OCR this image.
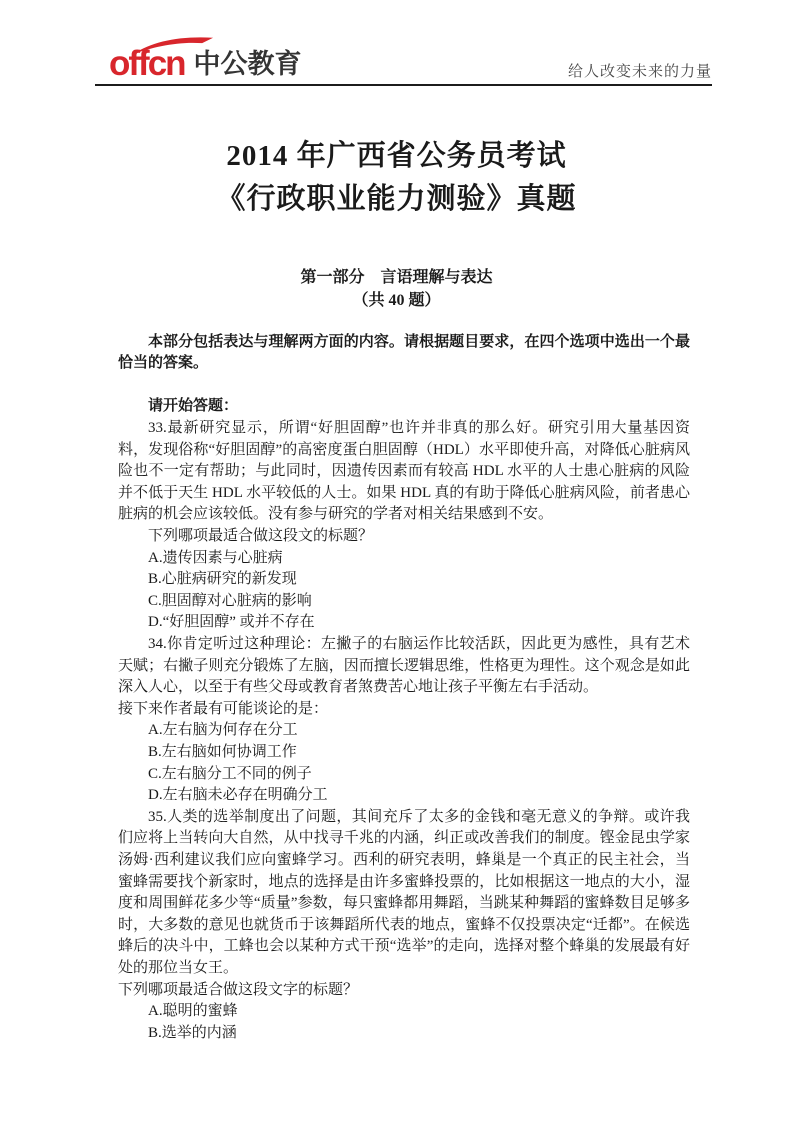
offcn 中公教育	给人改变未来的力量
2014 年广西省公务员考试
《行政职业能力测验》真题
第一部分　言语理解与表达
（共 40 题）

本部分包括表达与理解两方面的内容。请根据题目要求，在四个选项中选出一个最恰当的答案。

请开始答题：

33.最新研究显示，所谓“好胆固醇”也许并非真的那么好。研究引用大量基因资料，发现俗称“好胆固醇”的高密度蛋白胆固醇（HDL）水平即使升高，对降低心脏病风险也不一定有帮助；与此同时，因遗传因素而有较高 HDL 水平的人士患心脏病的风险并不低于天生 HDL 水平较低的人士。如果 HDL 真的有助于降低心脏病风险，前者患心脏病的机会应该较低。没有参与研究的学者对相关结果感到不安。

下列哪项最适合做这段文的标题？

A.遗传因素与心脏病

B.心脏病研究的新发现

C.胆固醇对心脏病的影响

D.“好胆固醇” 或并不存在

34.你肯定听过这种理论：左撇子的右脑运作比较活跃，因此更为感性，具有艺术天赋；右撇子则充分锻炼了左脑，因而擅长逻辑思维，性格更为理性。这个观念是如此深入人心，以至于有些父母或教育者煞费苦心地让孩子平衡左右手活动。

接下来作者最有可能谈论的是：

A.左右脑为何存在分工

B.左右脑如何协调工作

C.左右脑分工不同的例子

D.左右脑未必存在明确分工

35.人类的选举制度出了问题，其间充斥了太多的金钱和毫无意义的争辩。或许我们应将上当转向大自然，从中找寻千兆的内涵，纠正或改善我们的制度。铿金昆虫学家汤姆·西利建议我们应向蜜蜂学习。西利的研究表明，蜂巢是一个真正的民主社会，当蜜蜂需要找个新家时，地点的选择是由许多蜜蜂投票的，比如根据这一地点的大小，湿度和周围鲜花多少等“质量”参数，每只蜜蜂都用舞蹈，当跳某种舞蹈的蜜蜂数目足够多时，大多数的意见也就货币于该舞蹈所代表的地点，蜜蜂不仅投票决定“迁都”。在候选蜂后的决斗中，工蜂也会以某种方式干预“选举”的走向，选择对整个蜂巢的发展最有好处的那位当女王。

下列哪项最适合做这段文字的标题？

A.聪明的蜜蜂

B.选举的内涵
